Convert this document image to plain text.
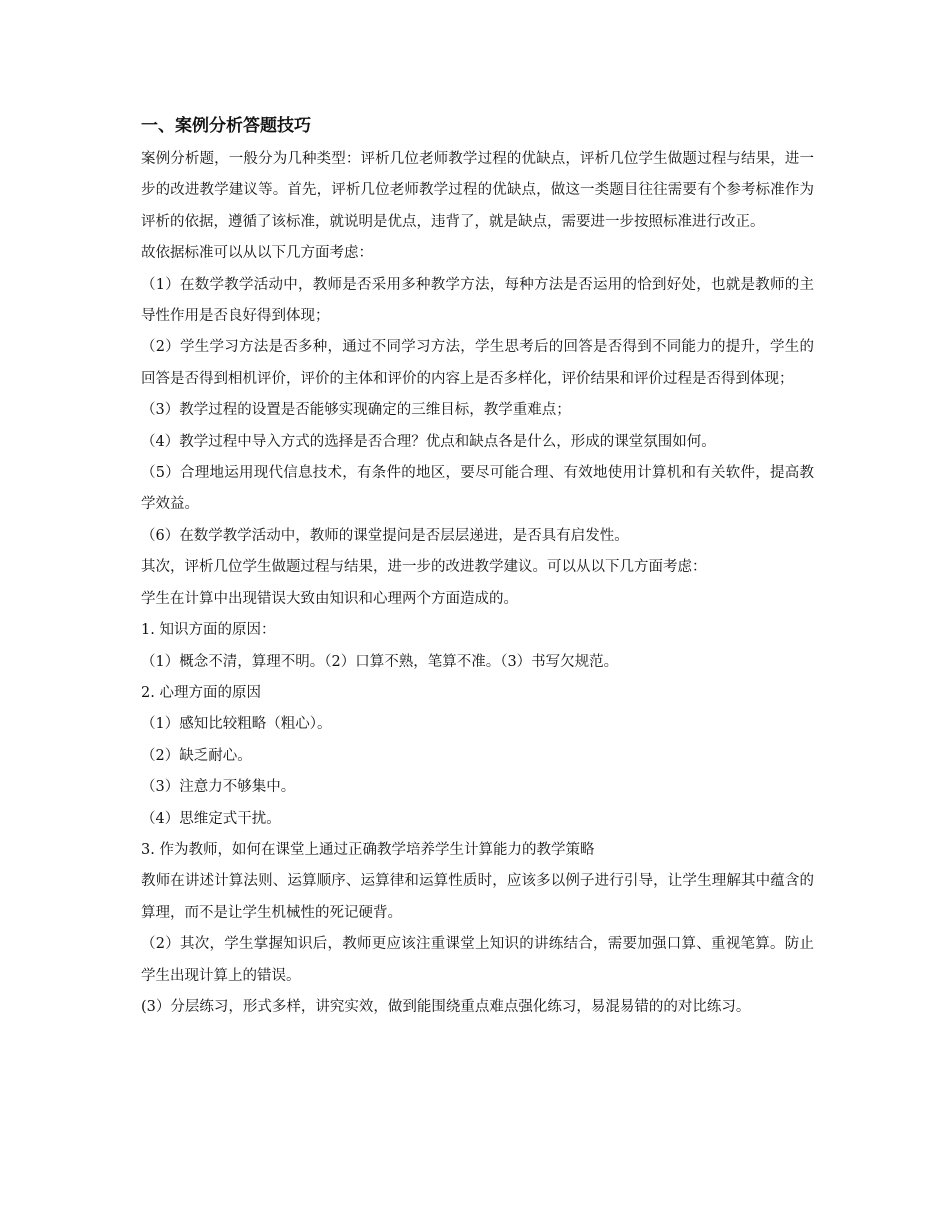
一、案例分析答题技巧

案例分析题，一般分为几种类型：评析几位老师教学过程的优缺点，评析几位学生做题过程与结果，进一步的改进教学建议等。首先，评析几位老师教学过程的优缺点，做这一类题目往往需要有个参考标准作为评析的依据，遵循了该标准，就说明是优点，违背了，就是缺点，需要进一步按照标准进行改正。

故依据标准可以从以下几方面考虑：

（1）在数学教学活动中，教师是否采用多种教学方法，每种方法是否运用的恰到好处，也就是教师的主导性作用是否良好得到体现；

（2）学生学习方法是否多种，通过不同学习方法，学生思考后的回答是否得到不同能力的提升，学生的回答是否得到相机评价，评价的主体和评价的内容上是否多样化，评价结果和评价过程是否得到体现；

（3）教学过程的设置是否能够实现确定的三维目标，教学重难点；

（4）教学过程中导入方式的选择是否合理？优点和缺点各是什么，形成的课堂氛围如何。

（5）合理地运用现代信息技术，有条件的地区，要尽可能合理、有效地使用计算机和有关软件，提高教学效益。

（6）在数学教学活动中，教师的课堂提问是否层层递进，是否具有启发性。

其次，评析几位学生做题过程与结果，进一步的改进教学建议。可以从以下几方面考虑：

学生在计算中出现错误大致由知识和心理两个方面造成的。

1. 知识方面的原因：

（1）概念不清，算理不明。（2）口算不熟，笔算不准。（3）书写欠规范。

2. 心理方面的原因

（1）感知比较粗略（粗心）。

（2）缺乏耐心。

（3）注意力不够集中。

（4）思维定式干扰。

3. 作为教师，如何在课堂上通过正确教学培养学生计算能力的教学策略

教师在讲述计算法则、运算顺序、运算律和运算性质时，应该多以例子进行引导，让学生理解其中蕴含的算理，而不是让学生机械性的死记硬背。

（2）其次，学生掌握知识后，教师更应该注重课堂上知识的讲练结合，需要加强口算、重视笔算。防止学生出现计算上的错误。

(3）分层练习，形式多样，讲究实效，做到能围绕重点难点强化练习，易混易错的的对比练习。
